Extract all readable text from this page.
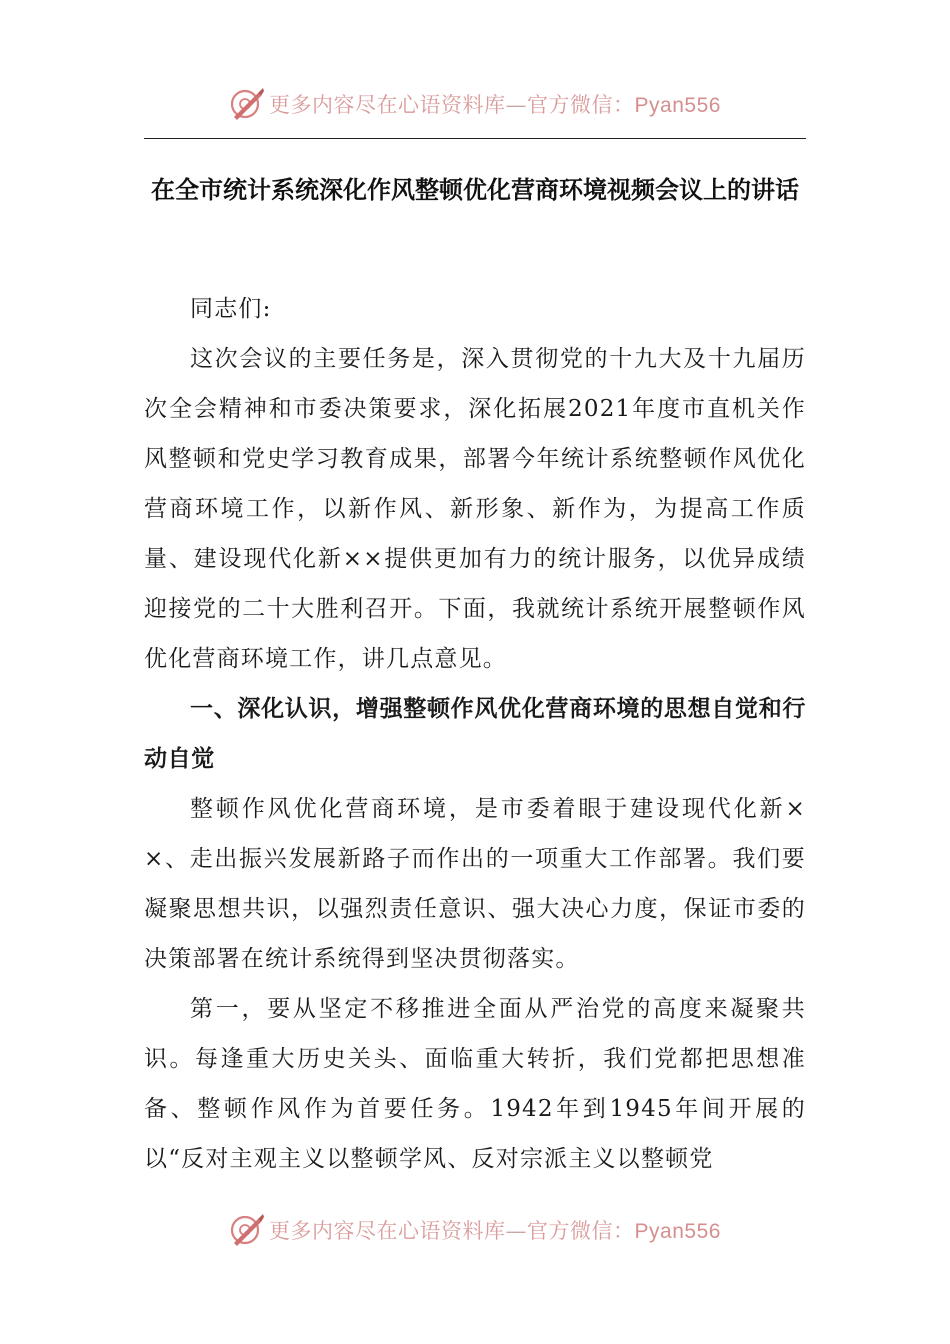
更多内容尽在心语资料库—官方微信：Pyan556
在全市统计系统深化作风整顿优化营商环境视频会议上的讲话

同志们:

这次会议的主要任务是，深入贯彻党的十九大及十九届历次全会精神和市委决策要求，深化拓展2021年度市直机关作风整顿和党史学习教育成果，部署今年统计系统整顿作风优化营商环境工作，以新作风、新形象、新作为，为提高工作质量、建设现代化新××提供更加有力的统计服务，以优异成绩迎接党的二十大胜利召开。下面，我就统计系统开展整顿作风优化营商环境工作，讲几点意见。

一、深化认识，增强整顿作风优化营商环境的思想自觉和行动自觉

整顿作风优化营商环境，是市委着眼于建设现代化新××、走出振兴发展新路子而作出的一项重大工作部署。我们要凝聚思想共识，以强烈责任意识、强大决心力度，保证市委的决策部署在统计系统得到坚决贯彻落实。

第一，要从坚定不移推进全面从严治党的高度来凝聚共识。每逢重大历史关头、面临重大转折，我们党都把思想准备、整顿作风作为首要任务。1942年到1945年间开展的以“反对主观主义以整顿学风、反对宗派主义以整顿党

更多内容尽在心语资料库—官方微信：Pyan556
